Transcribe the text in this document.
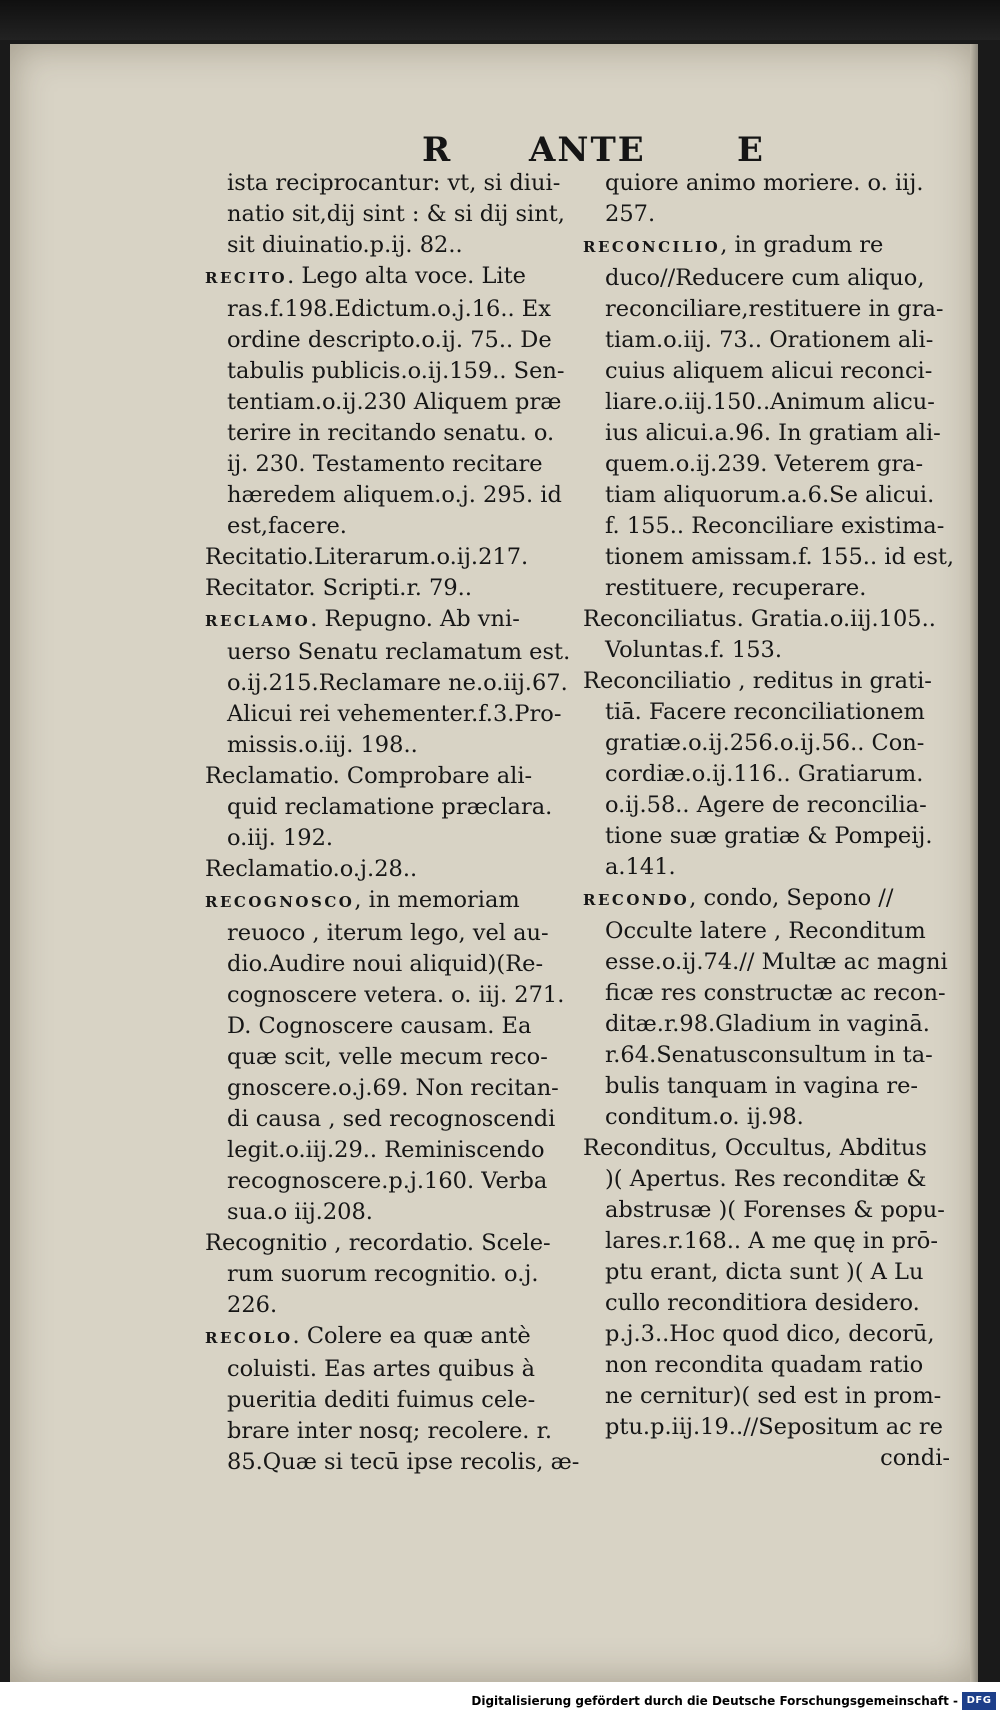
R ANTE	E
ista reciprocantur: vt, si diui-
natio sit,dij sint : & si dij sint,
sit diuinatio.p.ij. 82..
RECITO. Lego alta voce. Lite
ras.f.198.Edictum.o.j.16.. Ex
ordine descripto.o.ij. 75.. De
tabulis publicis.o.ij.159.. Sen-
tentiam.o.ij.230 Aliquem præ
terire in recitando senatu. o.
ij. 230. Testamento recitare
hæredem aliquem.o.j. 295. id
est,facere.
Recitatio.Literarum.o.ij.217.
Recitator. Scripti.r. 79..
RECLAMO. Repugno. Ab vni-
uerso Senatu reclamatum est.
o.ij.215.Reclamare ne.o.iij.67.
Alicui rei vehementer.f.3.Pro-
missis.o.iij. 198..
Reclamatio. Comprobare ali-
quid reclamatione præclara.
o.iij. 192.
Reclamatio.o.j.28..
RECOGNOSCO, in memoriam
reuoco , iterum lego, vel au-
dio.Audire noui aliquid)(Re-
cognoscere vetera. o. iij. 271.
D. Cognoscere causam. Ea
quæ scit, velle mecum reco-
gnoscere.o.j.69. Non recitan-
di causa , sed recognoscendi
legit.o.iij.29.. Reminiscendo
recognoscere.p.j.160. Verba
sua.o iij.208.
Recognitio , recordatio. Scele-
rum suorum recognitio. o.j.
226.
RECOLO. Colere ea quæ antè
coluisti. Eas artes quibus à
pueritia dediti fuimus cele-
brare inter nosq; recolere. r.
85.Quæ si tecū ipse recolis, æ-
quiore animo moriere. o. iij.
257.
RECONCILIO, in gradum re
duco//Reducere cum aliquo,
reconciliare,restituere in gra-
tiam.o.iij. 73.. Orationem ali-
cuius aliquem alicui reconci-
liare.o.iij.150..Animum alicu-
ius alicui.a.96. In gratiam ali-
quem.o.ij.239. Veterem gra-
tiam aliquorum.a.6.Se alicui.
f. 155.. Reconciliare existima-
tionem amissam.f. 155.. id est,
restituere, recuperare.
Reconciliatus. Gratia.o.iij.105..
Voluntas.f. 153.
Reconciliatio , reditus in grati-
tiā. Facere reconciliationem
gratiæ.o.ij.256.o.ij.56.. Con-
cordiæ.o.ij.116.. Gratiarum.
o.ij.58.. Agere de reconcilia-
tione suæ gratiæ & Pompeij.
a.141.
RECONDO, condo, Sepono //
Occulte latere , Reconditum
esse.o.ij.74.// Multæ ac magni
ficæ res constructæ ac recon-
ditæ.r.98.Gladium in vaginā.
r.64.Senatusconsultum in ta-
bulis tanquam in vagina re-
conditum.o. ij.98.
Reconditus, Occultus, Abditus
)( Apertus. Res reconditæ &
abstrusæ )( Forenses & popu-
lares.r.168.. A me quę in prō-
ptu erant, dicta sunt )( A Lu
cullo reconditiora desidero.
p.j.3..Hoc quod dico, decorū,
non recondita quadam ratio
ne cernitur)( sed est in prom-
ptu.p.iij.19..//Sepositum ac re
condi-
Digitalisierung gefördert durch die Deutsche Forschungsgemeinschaft - DFG
